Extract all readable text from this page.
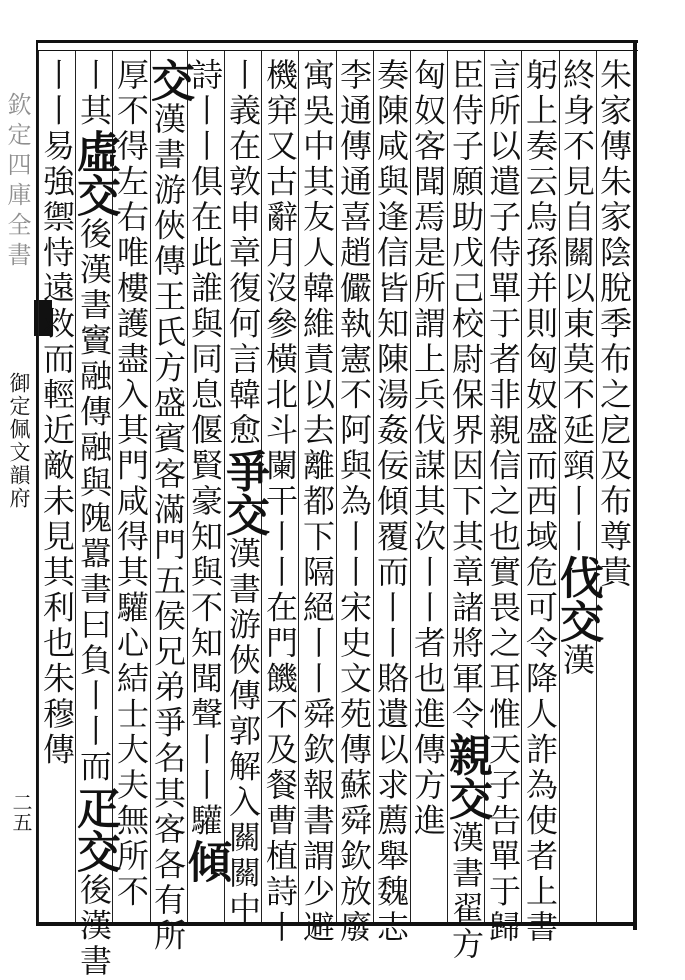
欽定四庫全書
御定佩文韻府
二五
朱家傳朱家陰脫季布之戹及布尊貴
終身不見自關以東莫不延頸丨丨伐交漢
躬上奏云烏孫并則匈奴盛而西域危可令降人詐為使者上書
言所以遣子侍單于者非親信之也實畏之耳惟天子告單于歸
臣侍子願助戊己校尉保界因下其章諸將軍令親交漢書翟方
匈奴客聞焉是所謂上兵伐謀其次丨丨者也進傳方進
奏陳咸與逢信皆知陳湯姦佞傾覆而丨丨賂遺以求薦舉魏志
李通傳通喜趙儼執憲不阿與為丨丨宋史文苑傳蘇舜欽放廢
寓吳中其友人韓維責以去離都下隔絕丨丨舜欽報書謂少避
機穽又古辭月沒參橫北斗闌干丨丨在門饑不及餐曹植詩丨
丨義在敦申章復何言韓愈爭交漢書游俠傳郭解入關關中
詩丨丨俱在此誰與同息偃賢豪知與不知聞聲丨丨驩傾
交漢書游俠傳王氏方盛賓客滿門五侯兄弟爭名其客各有所
厚不得左右唯樓護盡入其門咸得其驩心結士大夫無所不
丨其虛交後漢書竇融傳融與隗囂書曰負丨丨而疋交後漢書
丨丨易強禦恃遠救而輕近敵未見其利也朱穆傳
